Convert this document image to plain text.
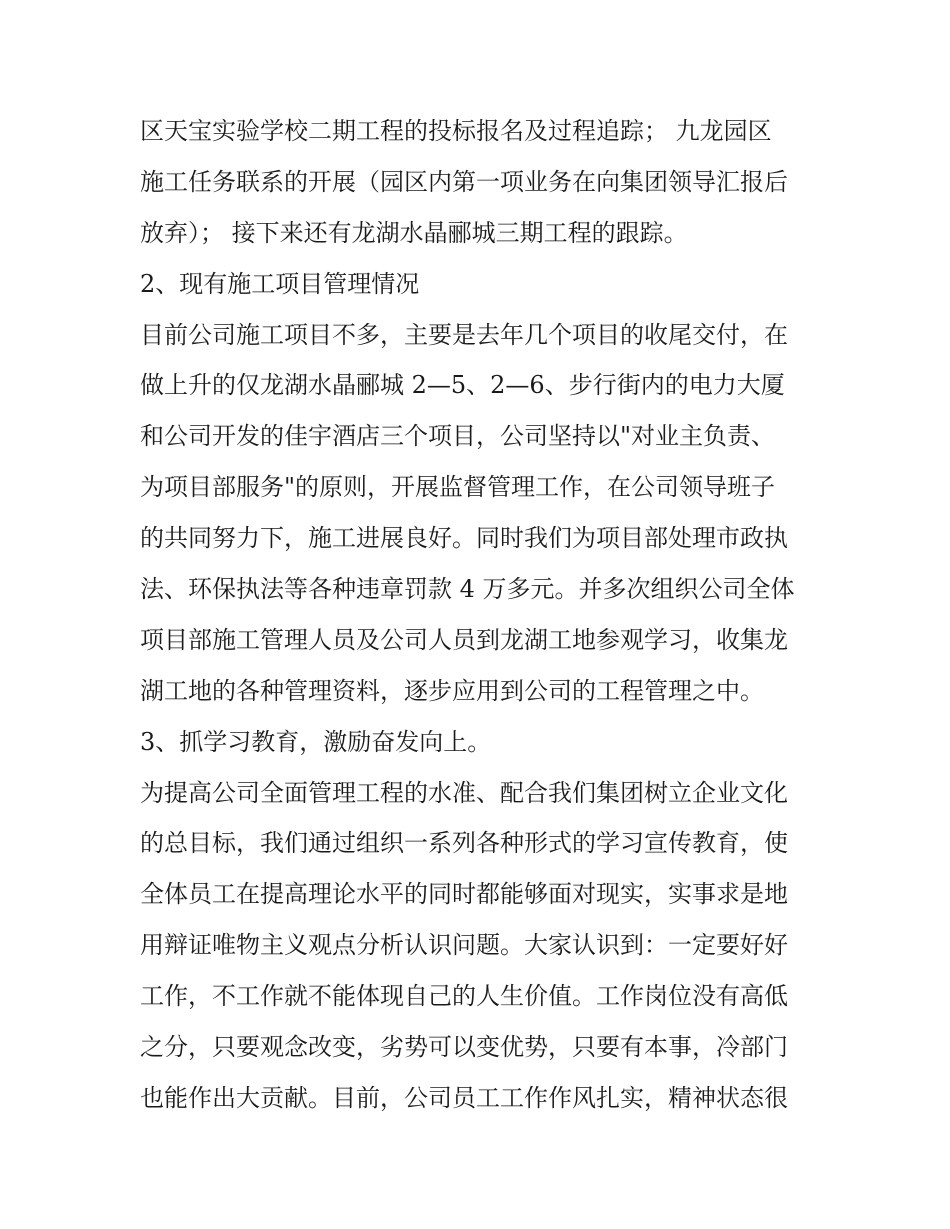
区天宝实验学校二期工程的投标报名及过程追踪； 九龙园区
施工任务联系的开展（园区内第一项业务在向集团领导汇报后
放弃）； 接下来还有龙湖水晶郦城三期工程的跟踪。
2、现有施工项目管理情况
目前公司施工项目不多，主要是去年几个项目的收尾交付，在
做上升的仅龙湖水晶郦城 2—5、2—6、步行街内的电力大厦
和公司开发的佳宇酒店三个项目，公司坚持以"对业主负责、
为项目部服务"的原则，开展监督管理工作，在公司领导班子
的共同努力下，施工进展良好。同时我们为项目部处理市政执
法、环保执法等各种违章罚款 4 万多元。并多次组织公司全体
项目部施工管理人员及公司人员到龙湖工地参观学习，收集龙
湖工地的各种管理资料，逐步应用到公司的工程管理之中。
3、抓学习教育，激励奋发向上。
为提高公司全面管理工程的水准、配合我们集团树立企业文化
的总目标，我们通过组织一系列各种形式的学习宣传教育，使
全体员工在提高理论水平的同时都能够面对现实，实事求是地
用辩证唯物主义观点分析认识问题。大家认识到：一定要好好
工作，不工作就不能体现自己的人生价值。工作岗位没有高低
之分，只要观念改变，劣势可以变优势，只要有本事，冷部门
也能作出大贡献。目前，公司员工工作作风扎实，精神状态很
